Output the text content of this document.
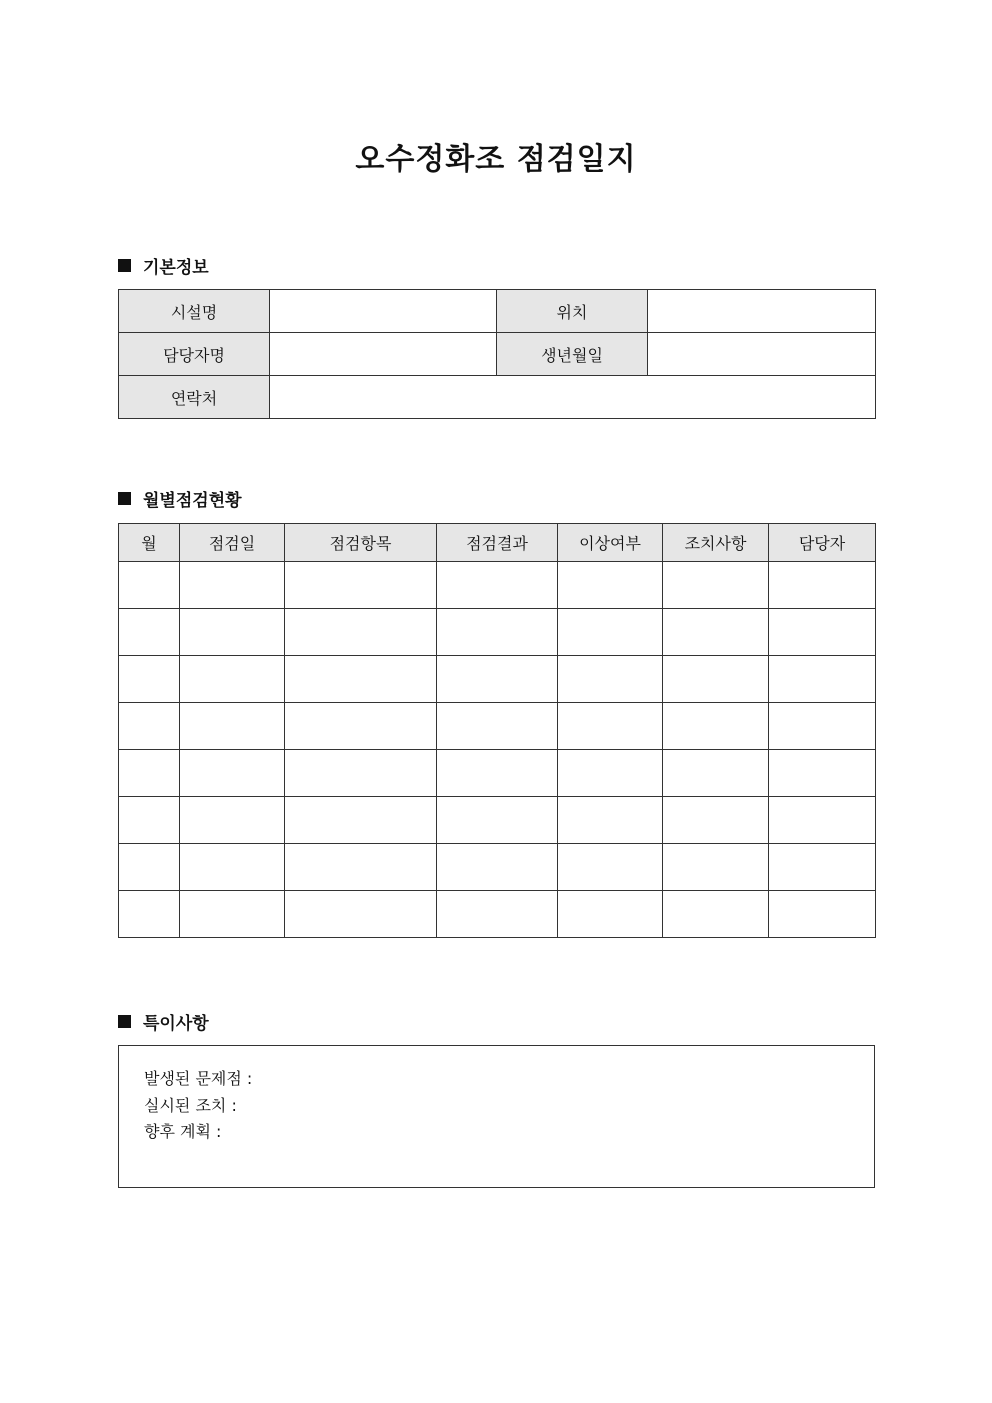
오수정화조 점검일지
기본정보
시설명		위치	
담당자명		생년월일	
연락처			
월별점검현황
월	점검일	점검항목	점검결과	이상여부	조치사항	담당자

특이사항
발생된 문제점 :
실시된 조치 :
향후 계획 :
